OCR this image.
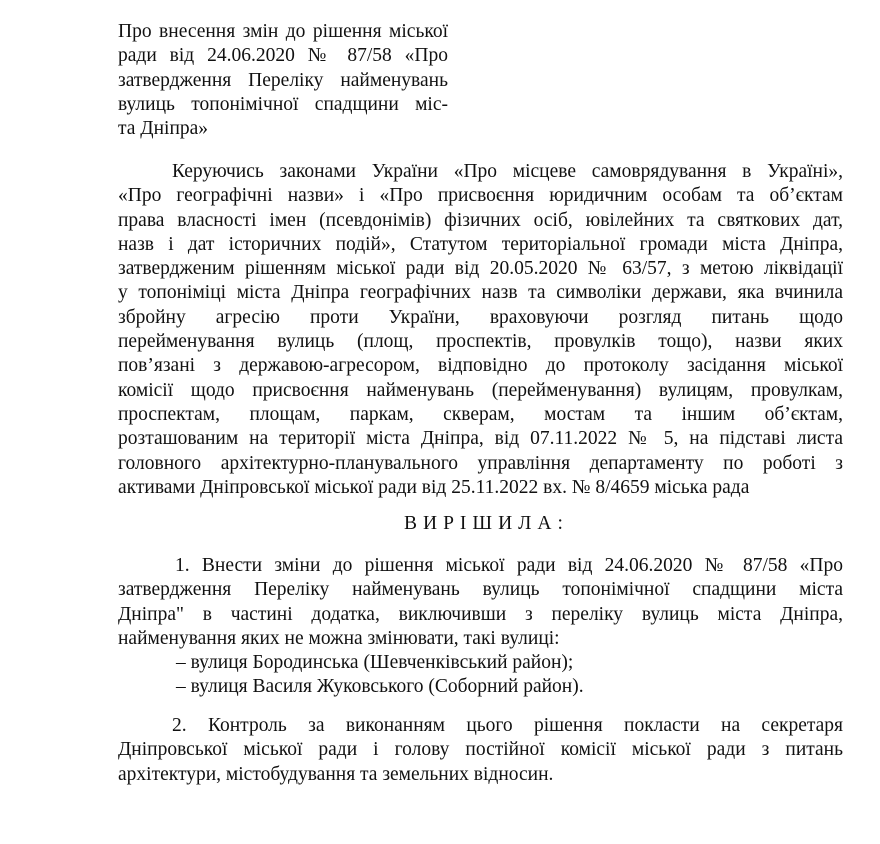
Про внесення змін до рішення міської
ради від 24.06.2020 № 87/58 «Про
затвердження Переліку найменувань
вулиць топонімічної спадщини міс-
та Дніпра»
Керуючись законами України «Про місцеве самоврядування в Україні»,
«Про географічні назви» і «Про присвоєння юридичним особам та об’єктам
права власності імен (псевдонімів) фізичних осіб, ювілейних та святкових дат,
назв і дат історичних подій», Статутом територіальної громади міста Дніпра,
затвердженим рішенням міської ради від 20.05.2020 № 63/57, з метою ліквідації
у топоніміці міста Дніпра географічних назв та символіки держави, яка вчинила
збройну агресію проти України, враховуючи розгляд питань щодо
перейменування вулиць (площ, проспектів, провулків тощо), назви яких
пов’язані з державою-агресором, відповідно до протоколу засідання міської
комісії щодо присвоєння найменувань (перейменування) вулицям, провулкам,
проспектам, площам, паркам, скверам, мостам та іншим об’єктам,
розташованим на території міста Дніпра, від 07.11.2022 № 5, на підставі листа
головного архітектурно-планувального управління департаменту по роботі з
активами Дніпровської міської ради від 25.11.2022 вх. № 8/4659 міська рада
ВИРІШИЛА:
1. Внести зміни до рішення міської ради від 24.06.2020 № 87/58 «Про
затвердження Переліку найменувань вулиць топонімічної спадщини міста
Дніпра" в частині додатка, виключивши з переліку вулиць міста Дніпра,
найменування яких не можна змінювати, такі вулиці:
– вулиця Бородинська (Шевченківський район);
– вулиця Василя Жуковського (Соборний район).
2. Контроль за виконанням цього рішення покласти на секретаря
Дніпровської міської ради і голову постійної комісії міської ради з питань
архітектури, містобудування та земельних відносин.
